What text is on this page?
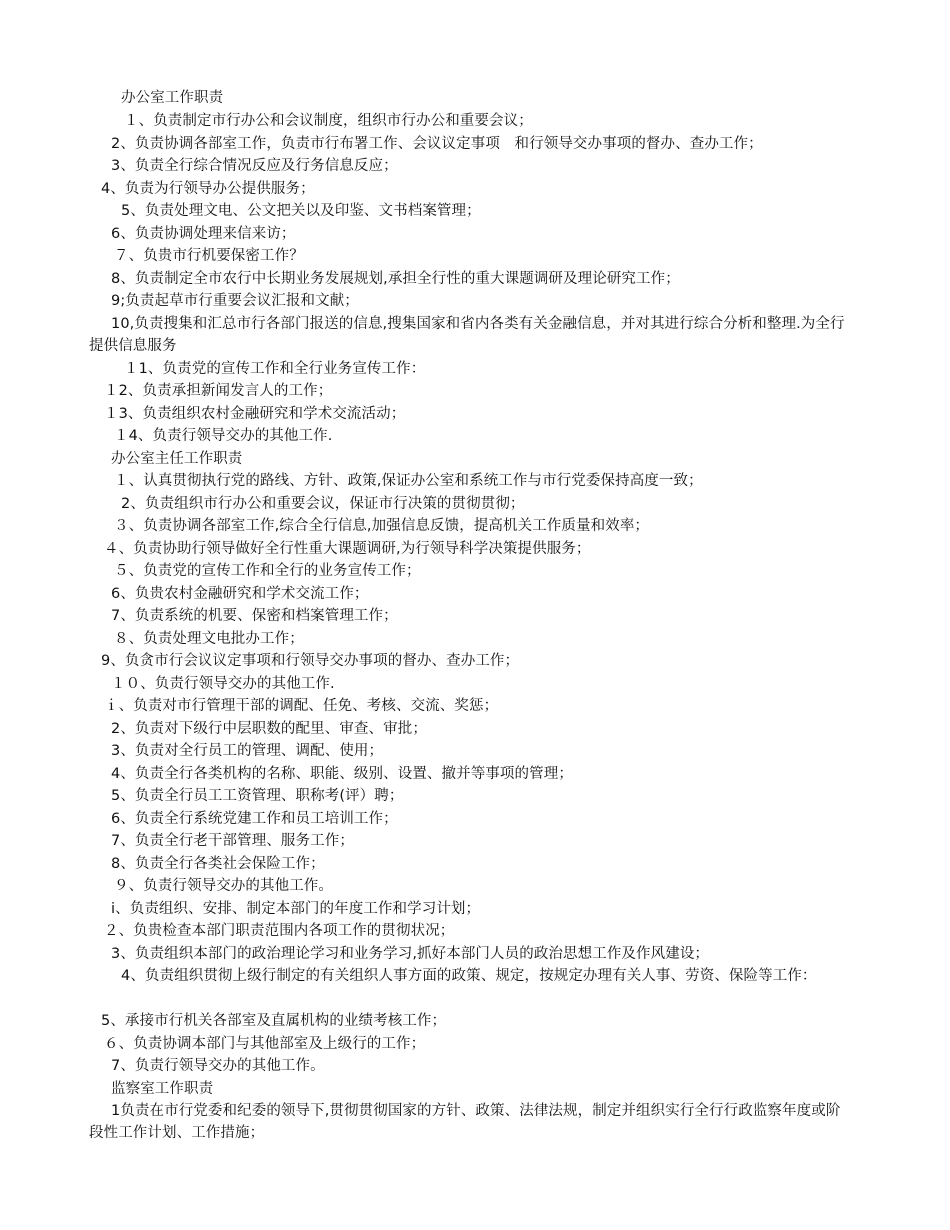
办公室工作职责
１、负责制定市行办公和会议制度，组织市行办公和重要会议；
2、负责协调各部室工作，负责市行布署工作、会议议定事项　和行领导交办事项的督办、查办工作；
3、负责全行综合情况反应及行务信息反应；
4、负责为行领导办公提供服务；
5、负责处理文电、公文把关以及印鉴、文书档案管理；
6、负责协调处理来信来访；
７、负贵市行机要保密工作？
8、负责制定全市农行中长期业务发展规划,承担全行性的重大课题调研及理论研究工作；
9;负责起草市行重要会议汇报和文献；
10,负责搜集和汇总市行各部门报送的信息,搜集国家和省内各类有关金融信息，并对其进行综合分析和整理.为全行提供信息服务
１1、负责党的宣传工作和全行业务宣传工作：
１2、负责承担新闻发言人的工作；
１3、负责组织农村金融研究和学术交流活动；
１4、负责行领导交办的其他工作.
办公室主任工作职责
１、认真贯彻执行党的路线、方针、政策,保证办公室和系统工作与市行党委保持高度一致；
2、负责组织市行办公和重要会议，保证市行决策的贯彻贯彻；
３、负责协调各部室工作,综合全行信息,加强信息反馈，提高机关工作质量和效率；
４、负责协助行领导做好全行性重大课题调研,为行领导科学决策提供服务；
５、负责党的宣传工作和全行的业务宣传工作；
6、负贵农村金融研究和学术交流工作；
7、负责系统的机要、保密和档案管理工作；
８、负责处理文电批办工作；
9、负贪市行会议议定事项和行领导交办事项的督办、查办工作；
１０、负责行领导交办的其他工作.
ｉ、负责对市行管理干部的调配、任免、考核、交流、奖惩；
2、负责对下级行中层职数的配里、审查、审批；
3、负责对全行员工的管理、调配、使用；
4、负责全行各类机构的名称、职能、级别、设置、撤并等事项的管理；
5、负责全行员工工资管理、职称考(评）聘；
6、负责全行系统党建工作和员工培训工作；
7、负责全行老干部管理、服务工作；
8、负责全行各类社会保险工作；
９、负责行领导交办的其他工作。
i、负责组织、安排、制定本部门的年度工作和学习计划；
２、负贵检查本部门职责范围内各项工作的贯彻状况；
3、负责组织本部门的政治理论学习和业务学习,抓好本部门人员的政治思想工作及作风建设；
4、负责组织贯彻上级行制定的有关组织人事方面的政策、规定，按规定办理有关人事、劳资、保险等工作：
5、承接市行机关各部室及直属机构的业绩考核工作；
６、负责协调本部门与其他部室及上级行的工作；
7、负责行领导交办的其他工作。
监察室工作职责
1负责在市行党委和纪委的领导下,贯彻贯彻国家的方针、政策、法律法规，制定并组织实行全行行政监察年度或阶段性工作计划、工作措施；
